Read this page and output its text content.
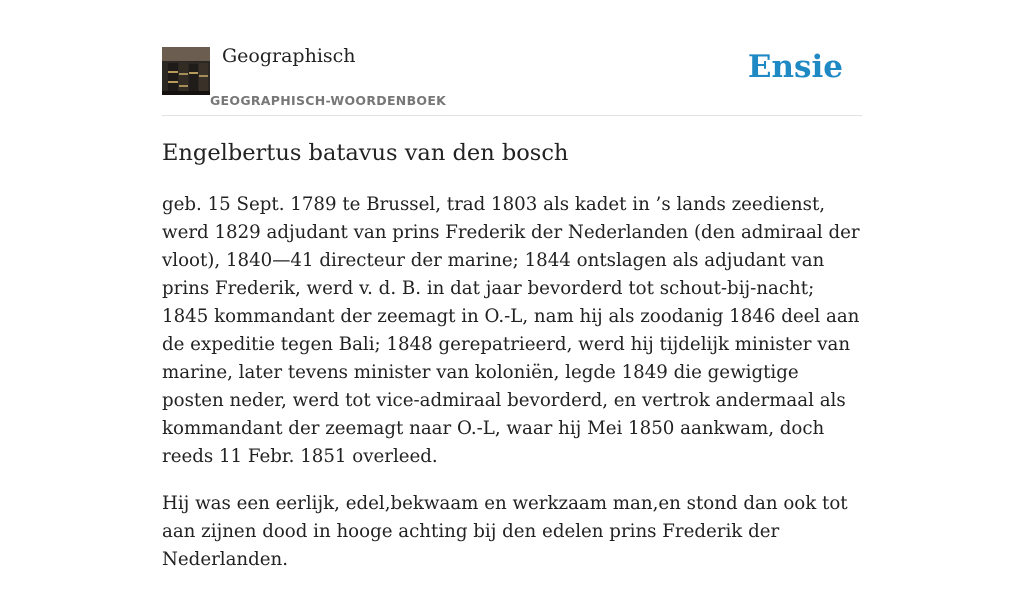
Geographisch
GEOGRAPHISCH-WOORDENBOEK
Ensie
Engelbertus batavus van den bosch

geb. 15 Sept. 1789 te Brussel, trad 1803 als kadet in ’s lands zeedienst, werd 1829 adjudant van prins Frederik der Nederlanden (den admiraal der vloot), 1840—41 directeur der marine; 1844 ontslagen als adjudant van prins Frederik, werd v. d. B. in dat jaar bevorderd tot schout-bij-nacht; 1845 kommandant der zeemagt in O.-L, nam hij als zoodanig 1846 deel aan de expeditie tegen Bali; 1848 gerepatrieerd, werd hij tijdelijk minister van marine, later tevens minister van koloniën, legde 1849 die gewigtige posten neder, werd tot vice-admiraal bevorderd, en vertrok andermaal als kommandant der zeemagt naar O.-L, waar hij Mei 1850 aankwam, doch reeds 11 Febr. 1851 overleed.

Hij was een eerlijk, edel,bekwaam en werkzaam man,en stond dan ook tot aan zijnen dood in hooge achting bij den edelen prins Frederik der Nederlanden.
